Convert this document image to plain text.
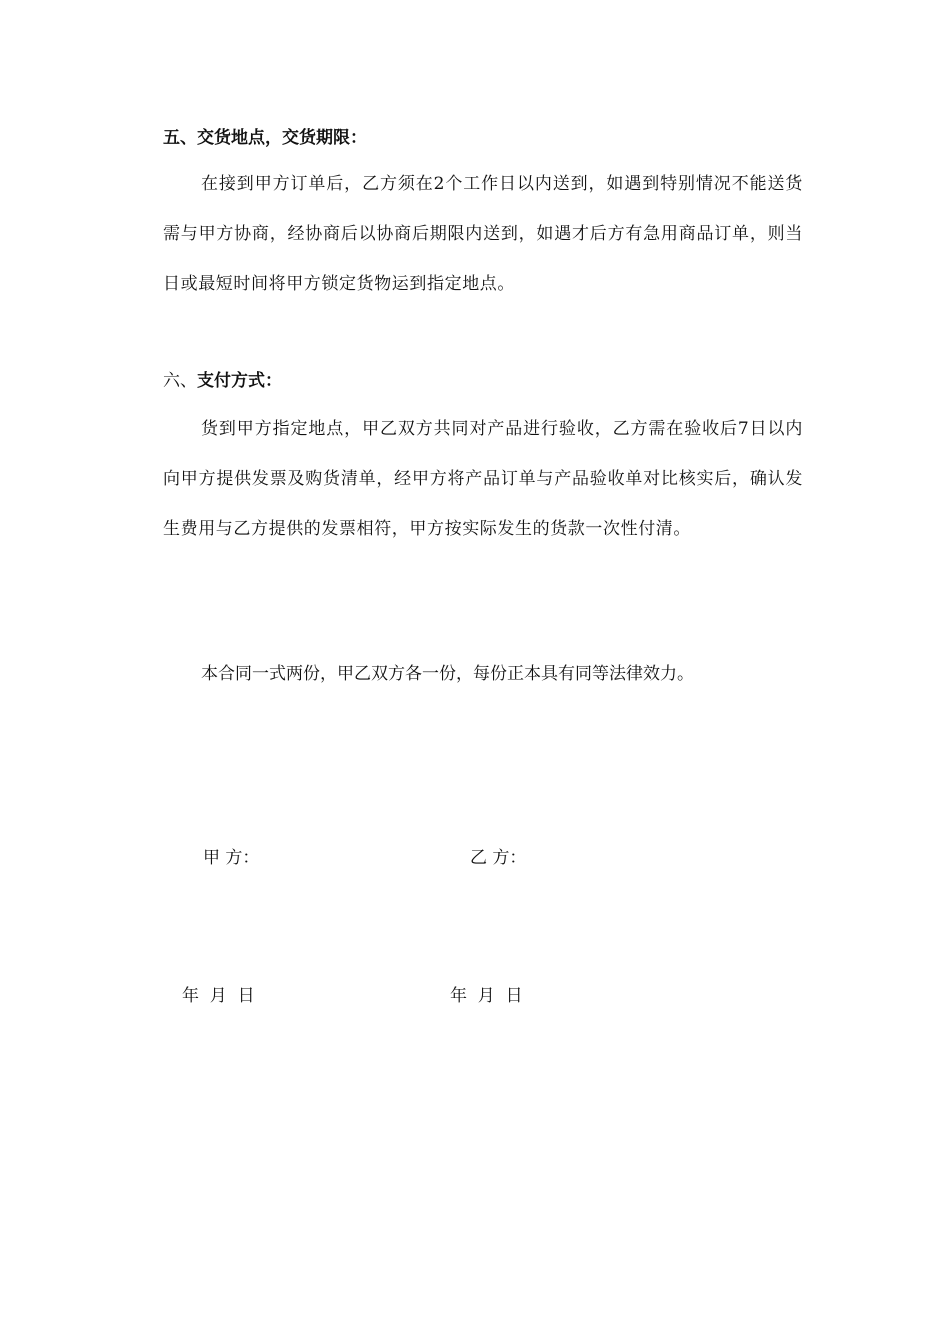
五、交货地点，交货期限：

在接到甲方订单后，乙方须在2个工作日以内送到，如遇到特别情况不能送货需与甲方协商，经协商后以协商后期限内送到，如遇才后方有急用商品订单，则当日或最短时间将甲方锁定货物运到指定地点。

六、支付方式：

货到甲方指定地点，甲乙双方共同对产品进行验收，乙方需在验收后7日以内向甲方提供发票及购货清单，经甲方将产品订单与产品验收单对比核实后，确认发生费用与乙方提供的发票相符，甲方按实际发生的货款一次性付清。

本合同一式两份，甲乙双方各一份，每份正本具有同等法律效力。
甲 方：	乙 方：
年  月  日	年  月  日
